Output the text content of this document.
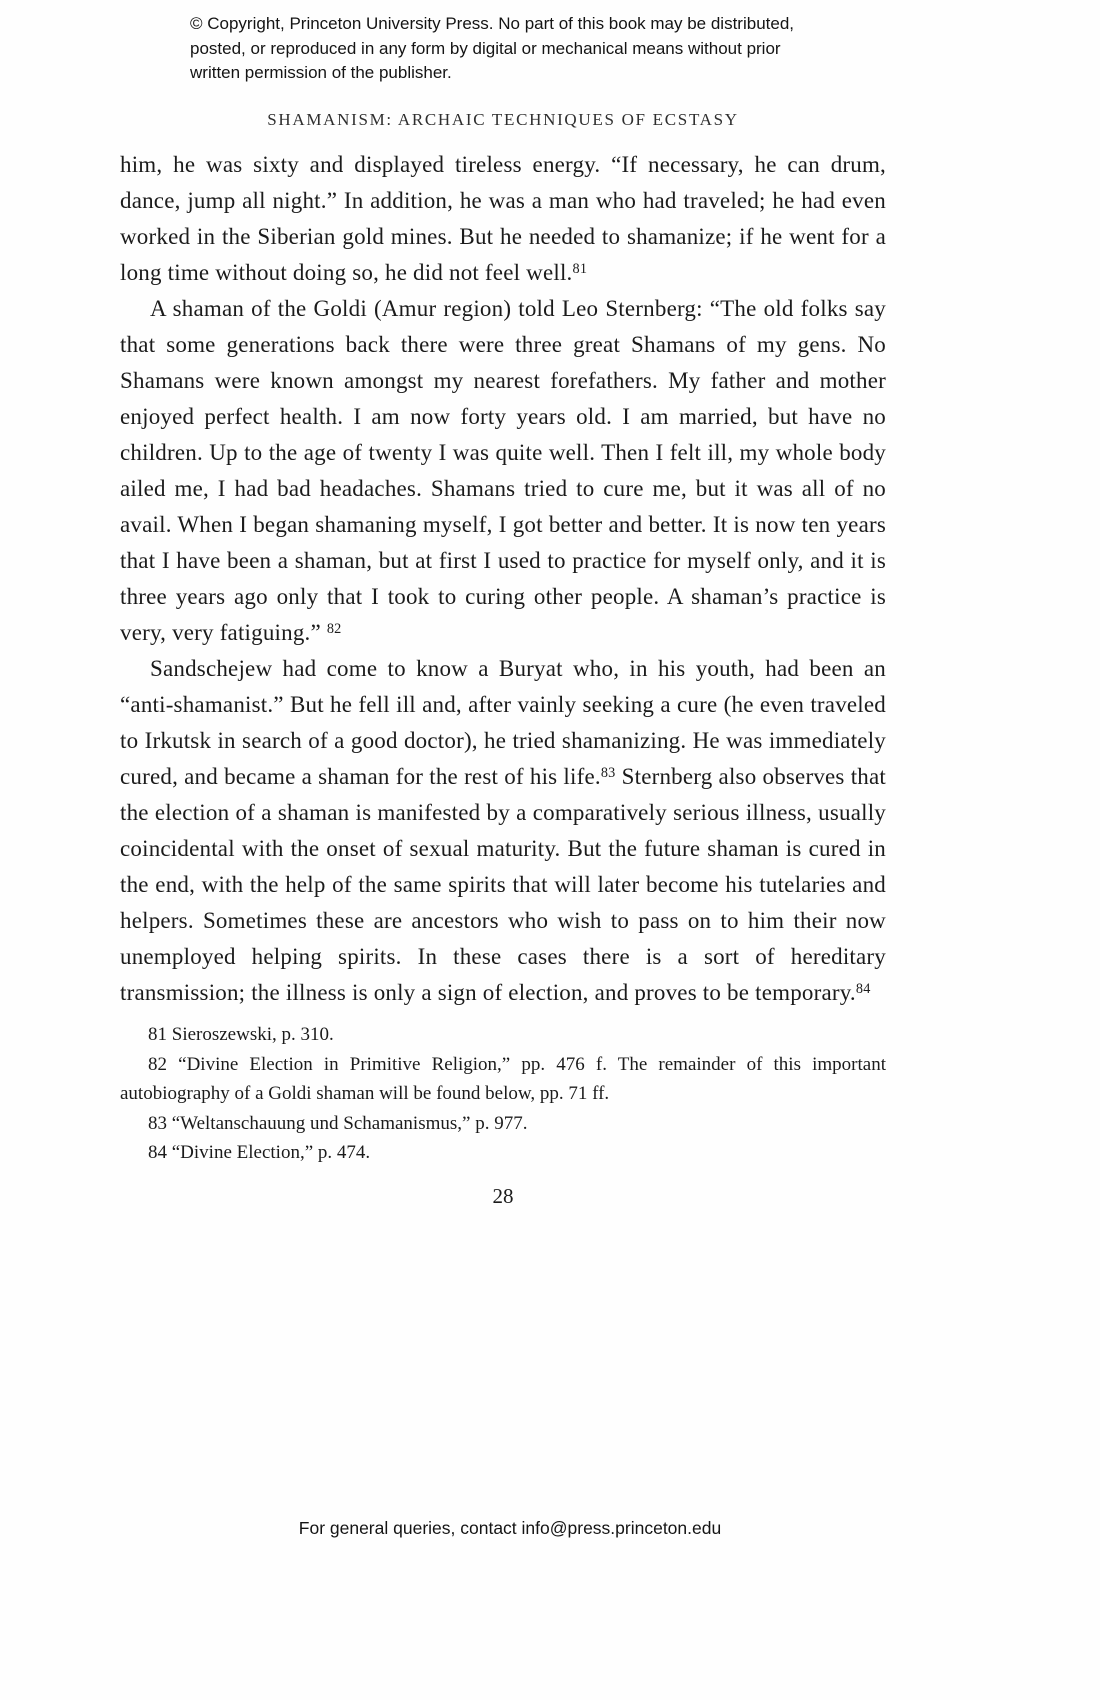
© Copyright, Princeton University Press. No part of this book may be distributed, posted, or reproduced in any form by digital or mechanical means without prior written permission of the publisher.
SHAMANISM: ARCHAIC TECHNIQUES OF ECSTASY

him, he was sixty and displayed tireless energy. “If necessary, he can drum, dance, jump all night.” In addition, he was a man who had traveled; he had even worked in the Siberian gold mines. But he needed to shamanize; if he went for a long time without doing so, he did not feel well.$^{81}$

A shaman of the Goldi (Amur region) told Leo Sternberg: “The old folks say that some generations back there were three great Shamans of my gens. No Shamans were known amongst my nearest forefathers. My father and mother enjoyed perfect health. I am now forty years old. I am married, but have no children. Up to the age of twenty I was quite well. Then I felt ill, my whole body ailed me, I had bad headaches. Shamans tried to cure me, but it was all of no avail. When I began shamaning myself, I got better and better. It is now ten years that I have been a shaman, but at first I used to practice for myself only, and it is three years ago only that I took to curing other people. A shaman’s practice is very, very fatiguing.” $^{82}$

Sandschejew had come to know a Buryat who, in his youth, had been an “anti-shamanist.” But he fell ill and, after vainly seeking a cure (he even traveled to Irkutsk in search of a good doctor), he tried shamanizing. He was immediately cured, and became a shaman for the rest of his life.$^{83}$ Sternberg also observes that the election of a shaman is manifested by a comparatively serious illness, usually coincidental with the onset of sexual maturity. But the future shaman is cured in the end, with the help of the same spirits that will later become his tutelaries and helpers. Sometimes these are ancestors who wish to pass on to him their now unemployed helping spirits. In these cases there is a sort of hereditary transmission; the illness is only a sign of election, and proves to be temporary.$^{84}$

81 Sieroszewski, p. 310.

82 “Divine Election in Primitive Religion,” pp. 476 f. The remainder of this important autobiography of a Goldi shaman will be found below, pp. 71 ff.

83 “Weltanschauung und Schamanismus,” p. 977.

84 “Divine Election,” p. 474.

28
For general queries, contact info@press.princeton.edu
